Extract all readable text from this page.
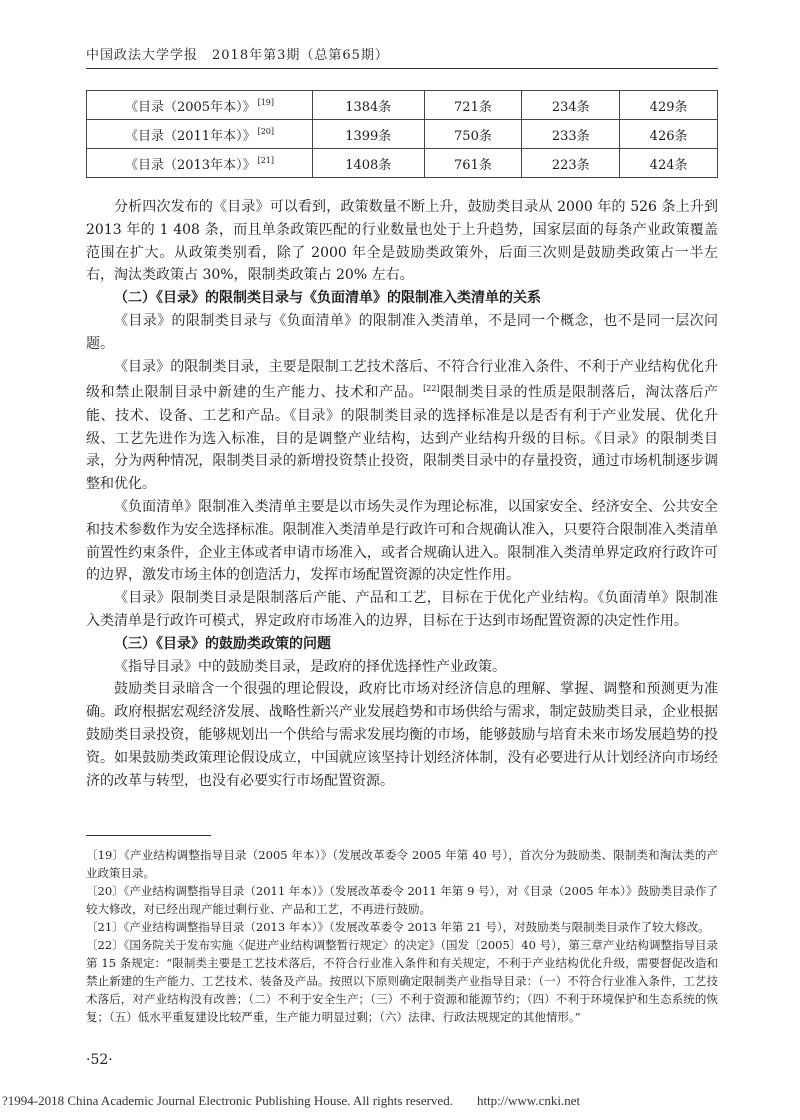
中国政法大学学报　2018年第3期（总第65期）
《目录（2005年本）》 [19]	1384条	721条	234条	429条
《目录（2011年本）》 [20]	1399条	750条	233条	426条
《目录（2013年本）》 [21]	1408条	761条	223条	424条

分析四次发布的《目录》可以看到，政策数量不断上升，鼓励类目录从 2000 年的 526 条上升到 2013 年的 1 408 条，而且单条政策匹配的行业数量也处于上升趋势，国家层面的每条产业政策覆盖范围在扩大。从政策类别看，除了 2000 年全是鼓励类政策外，后面三次则是鼓励类政策占一半左右，淘汰类政策占 30%，限制类政策占 20% 左右。

（二）《目录》的限制类目录与《负面清单》的限制准入类清单的关系

《目录》的限制类目录与《负面清单》的限制准入类清单，不是同一个概念，也不是同一层次问题。

《目录》的限制类目录，主要是限制工艺技术落后、不符合行业准入条件、不利于产业结构优化升级和禁止限制目录中新建的生产能力、技术和产品。[22]限制类目录的性质是限制落后，淘汰落后产能、技术、设备、工艺和产品。《目录》的限制类目录的选择标准是以是否有利于产业发展、优化升级、工艺先进作为选入标准，目的是调整产业结构，达到产业结构升级的目标。《目录》的限制类目录，分为两种情况，限制类目录的新增投资禁止投资，限制类目录中的存量投资，通过市场机制逐步调整和优化。

《负面清单》限制准入类清单主要是以市场失灵作为理论标准，以国家安全、经济安全、公共安全和技术参数作为安全选择标准。限制准入类清单是行政许可和合规确认准入，只要符合限制准入类清单前置性约束条件，企业主体或者申请市场准入，或者合规确认进入。限制准入类清单界定政府行政许可的边界，激发市场主体的创造活力，发挥市场配置资源的决定性作用。

《目录》限制类目录是限制落后产能、产品和工艺，目标在于优化产业结构。《负面清单》限制准入类清单是行政许可模式，界定政府市场准入的边界，目标在于达到市场配置资源的决定性作用。

（三）《目录》的鼓励类政策的问题

《指导目录》中的鼓励类目录，是政府的择优选择性产业政策。

鼓励类目录暗含一个很强的理论假设，政府比市场对经济信息的理解、掌握、调整和预测更为准确。政府根据宏观经济发展、战略性新兴产业发展趋势和市场供给与需求，制定鼓励类目录，企业根据鼓励类目录投资，能够规划出一个供给与需求发展均衡的市场，能够鼓励与培育未来市场发展趋势的投资。如果鼓励类政策理论假设成立，中国就应该坚持计划经济体制，没有必要进行从计划经济向市场经济的改革与转型，也没有必要实行市场配置资源。

〔19〕《产业结构调整指导目录（2005 年本）》（发展改革委令 2005 年第 40 号），首次分为鼓励类、限制类和淘汰类的产业政策目录。
〔20〕《产业结构调整指导目录（2011 年本）》（发展改革委令 2011 年第 9 号），对《目录（2005 年本）》鼓励类目录作了较大修改，对已经出现产能过剩行业、产品和工艺，不再进行鼓励。
〔21〕《产业结构调整指导目录（2013 年本）》（发展改革委令 2013 年第 21 号），对鼓励类与限制类目录作了较大修改。
〔22〕《国务院关于发布实施〈促进产业结构调整暂行规定〉的决定》（国发〔2005〕40 号），第三章产业结构调整指导目录第 15 条规定：“限制类主要是工艺技术落后，不符合行业准入条件和有关规定，不利于产业结构优化升级，需要督促改造和禁止新建的生产能力、工艺技术、装备及产品。按照以下原则确定限制类产业指导目录：（一）不符合行业准入条件，工艺技术落后，对产业结构没有改善；（二）不利于安全生产；（三）不利于资源和能源节约；（四）不利于环境保护和生态系统的恢复；（五）低水平重复建设比较严重，生产能力明显过剩；（六）法律、行政法规规定的其他情形。”
·52·
?1994-2018 China Academic Journal Electronic Publishing House. All rights reserved. http://www.cnki.net
